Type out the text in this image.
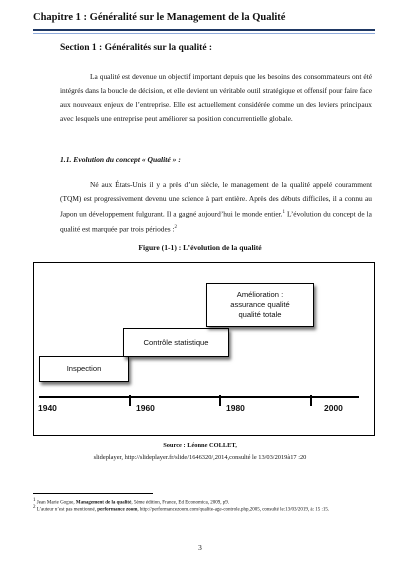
Chapitre 1 : Généralité sur le Management de la Qualité
Section 1 : Généralités sur la qualité :

La qualité est devenue un objectif important depuis que les besoins des consommateurs ont été intégrés dans la boucle de décision, et elle devient un véritable outil stratégique et offensif pour faire face aux nouveaux enjeux de l’entreprise. Elle est actuellement considérée comme un des leviers principaux avec lesquels une entreprise peut améliorer sa position concurrentielle globale.

1.1. Evolution du concept « Qualité » :

Né aux États-Unis il y a près d’un siècle, le management de la qualité appelé couramment (TQM) est progressivement devenu une science à part entière. Après des débuts difficiles, il a connu au Japon un développement fulgurant. Il a gagné aujourd’hui le monde entier.$^1$ L’évolution du concept de la qualité est marquée par trois périodes :$^2$

Figure (1-1) : L’évolution de la qualité
Inspection
Contrôle statistique
Amélioration :
assurance qualité
qualité totale
1940	1960	1980	2000
Source : Léonne COLLET,
slideplayer, http://slideplayer.fr/slide/1646320/,2014,consulté le 13/03/2019à17 :20
1 Jean Marie Gogue, Management de la qualité, 5ème édition, France, Ed Economica, 2009, p9.
2 L’auteur n’est pas mentionné, performance zoom, http://performancezoom.com/qualite-age-controle.php,2005, consulté le:13/03/2019, à: 15 :15.
3
